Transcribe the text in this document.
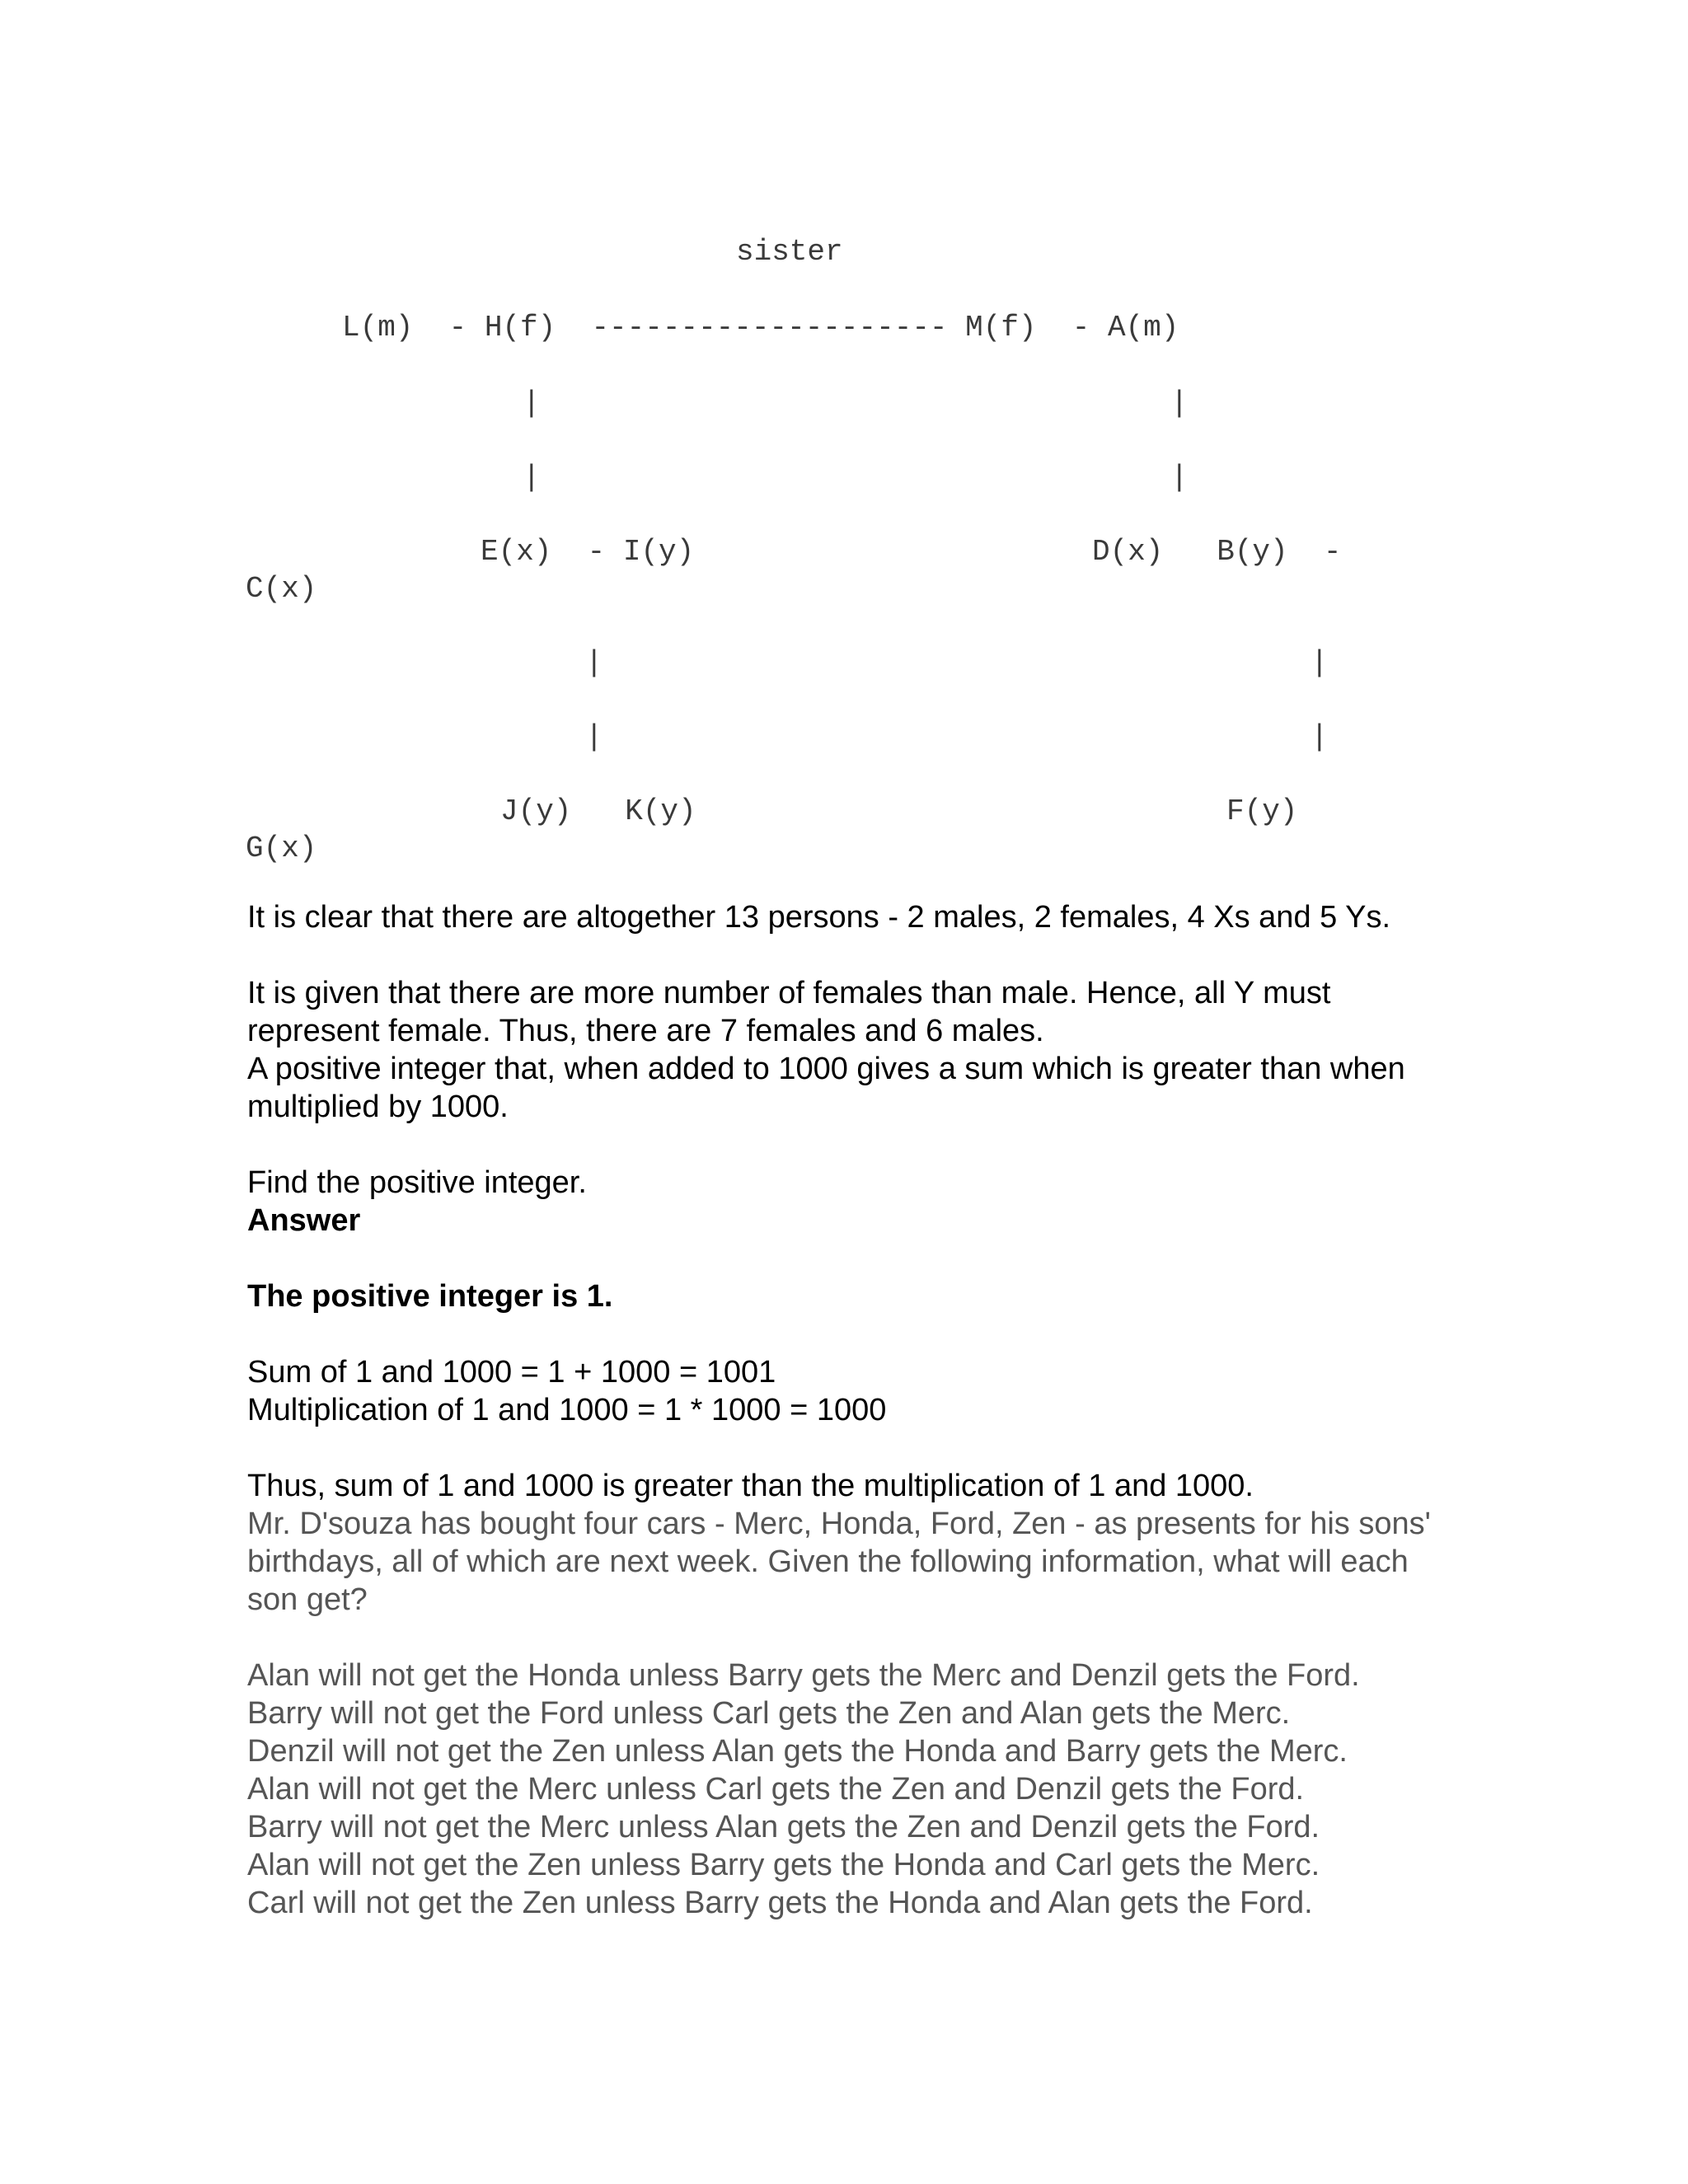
sister
L(m)  - H(f)  -------------------- M(f)  - A(m)
|	|
|	|
E(x)  - I(y)	D(x)   B(y)  -
C(x)
|	|
|	|
J(y)   K(y)	F(y)
G(x)

It is clear that there are altogether 13 persons - 2 males, 2 females, 4 Xs and 5 Ys.

It is given that there are more number of females than male. Hence, all Y must represent female. Thus, there are 7 females and 6 males.

A positive integer that, when added to 1000 gives a sum which is greater than when multiplied by 1000.

Find the positive integer.

Answer

The positive integer is 1.

Sum of 1 and 1000 = 1 + 1000 = 1001

Multiplication of 1 and 1000 = 1 * 1000 = 1000

Thus, sum of 1 and 1000 is greater than the multiplication of 1 and 1000.

Mr. D'souza has bought four cars - Merc, Honda, Ford, Zen - as presents for his sons' birthdays, all of which are next week. Given the following information, what will each son get?

Alan will not get the Honda unless Barry gets the Merc and Denzil gets the Ford.

Barry will not get the Ford unless Carl gets the Zen and Alan gets the Merc.

Denzil will not get the Zen unless Alan gets the Honda and Barry gets the Merc.

Alan will not get the Merc unless Carl gets the Zen and Denzil gets the Ford.

Barry will not get the Merc unless Alan gets the Zen and Denzil gets the Ford.

Alan will not get the Zen unless Barry gets the Honda and Carl gets the Merc.

Carl will not get the Zen unless Barry gets the Honda and Alan gets the Ford.
